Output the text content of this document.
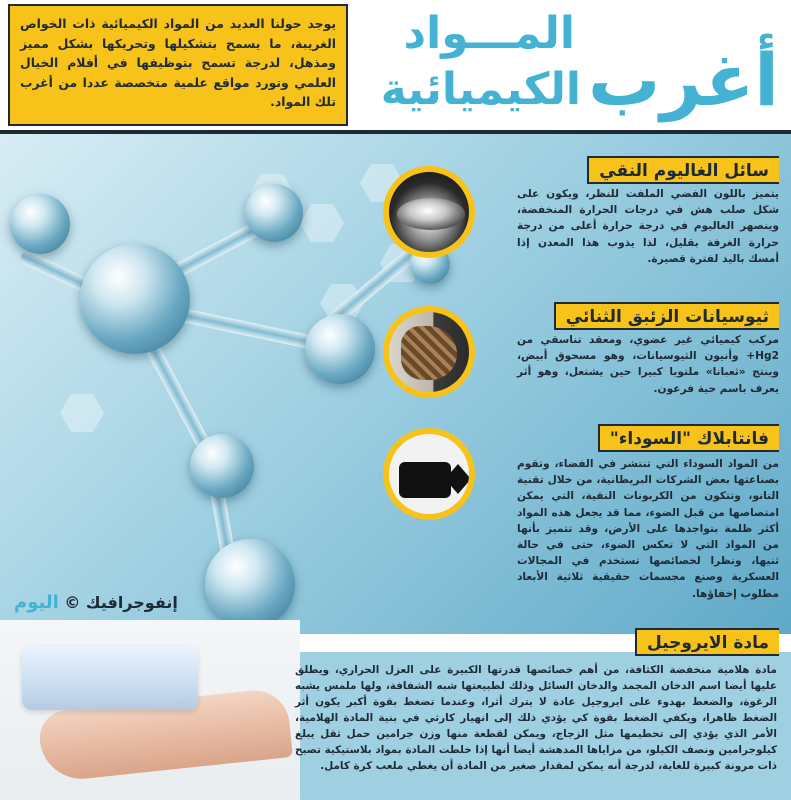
يوجد حولنا العديد من المواد الكيميائية ذات الخواص الغريبة، ما يسمح بتشكيلها وتحريكها بشكل مميز ومذهل، لدرجة تسمح بتوظيفها في أفلام الخيال العلمي وتورد مواقع علمية متخصصة عددا من أغرب تلك المواد.
المـــواد
الكيميائية أغرب
سائل الغاليوم النقي
يتميز باللون الفضي الملفت للنظر، ويكون على شكل صلب هش في درجات الحرارة المنخفضة، وينصهر الغاليوم في درجة حرارة أعلى من درجة حرارة الغرفة بقليل، لذا يذوب هذا المعدن إذا أمسك باليد لفترة قصيرة.
ثيوسيانات الزئبق الثنائي
مركب كيميائي غير عضوي، ومعقد تناسقي من Hg2+ وأنيون الثيوسيانات، وهو مسحوق أبيض، وينتج «ثعبانا» ملتويا كبيرا حين يشتعل، وهو أثر يعرف باسم حية فرعون.
فانتابلاك "السوداء"
من المواد السوداء التي تنتشر في الفضاء، وتقوم بصناعتها بعض الشركات البريطانية، من خلال تقنية النانو، وتتكون من الكربونات النقية، التي يمكن امتصاصها من قبل الضوء، مما قد يجعل هذه المواد أكثر ظلمة بتواجدها على الأرض، وقد تتميز بأنها من المواد التي لا تعكس الضوء، حتى في حالة ثنيها، ونظرا لخصائصها تستخدم في المجالات العسكرية وصنع مجسمات حقيقية ثلاثية الأبعاد مطلوب إخفاؤها.
إنفوجرافيك © اليوم
مادة الايروجيل
مادة هلامية منخفضة الكثافة، من أهم خصائصها قدرتها الكبيرة على العزل الحراري، ويطلق عليها أيضا اسم الدخان المجمد والدخان السائل وذلك لطبيعتها شبه الشفافة، ولها ملمس يشبه الرغوة، والضغط بهدوء على ايروجيل عادة لا يترك أثرا، وعندما تضغط بقوة أكبر يكون أثر الضغط ظاهرا، ويكفي الضغط بقوة كي يؤدي ذلك إلى انهيار كارثي في بنية المادة الهلامية، الأمر الذي يؤدي إلى تحطيمها مثل الزجاج، ويمكن لقطعة منها وزن جرامين حمل ثقل يبلغ كيلوجرامين ونصف الكيلو، من مزاياها المدهشة أيضا أنها إذا خلطت المادة بمواد بلاستيكية تصبح ذات مرونة كبيرة للغاية، لدرجة أنه يمكن لمقدار صغير من المادة أن يغطي ملعب كرة كامل.
